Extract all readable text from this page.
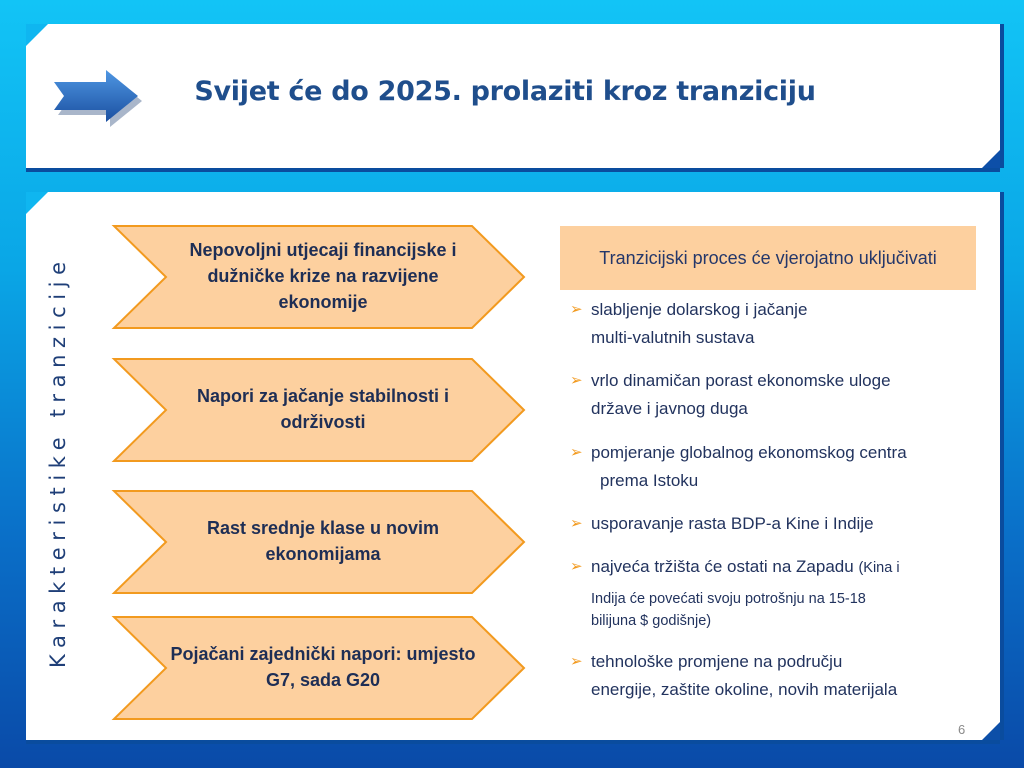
Svijet će do 2025. prolaziti kroz tranziciju
Karakteristike tranzicije
Nepovoljni utjecaji financijske i dužničke krize na razvijene ekonomije
Napori za jačanje stabilnosti i održivosti
Rast srednje klase u novim ekonomijama
Pojačani zajednički napori: umjesto G7, sada G20
Tranzicijski proces će vjerojatno uključivati
➢ slabljenje dolarskog i jačanje
multi-valutnih sustava
➢ vrlo dinamičan porast ekonomske uloge
države i javnog duga
➢ pomjeranje globalnog ekonomskog centra
prema Istoku
➢ usporavanje rasta BDP-a Kine i Indije
➢ najveća tržišta će ostati na Zapadu (Kina i
Indija će povećati svoju potrošnju na 15-18
bilijuna $ godišnje)
➢ tehnološke promjene na području
energije, zaštite okoline, novih materijala
6
